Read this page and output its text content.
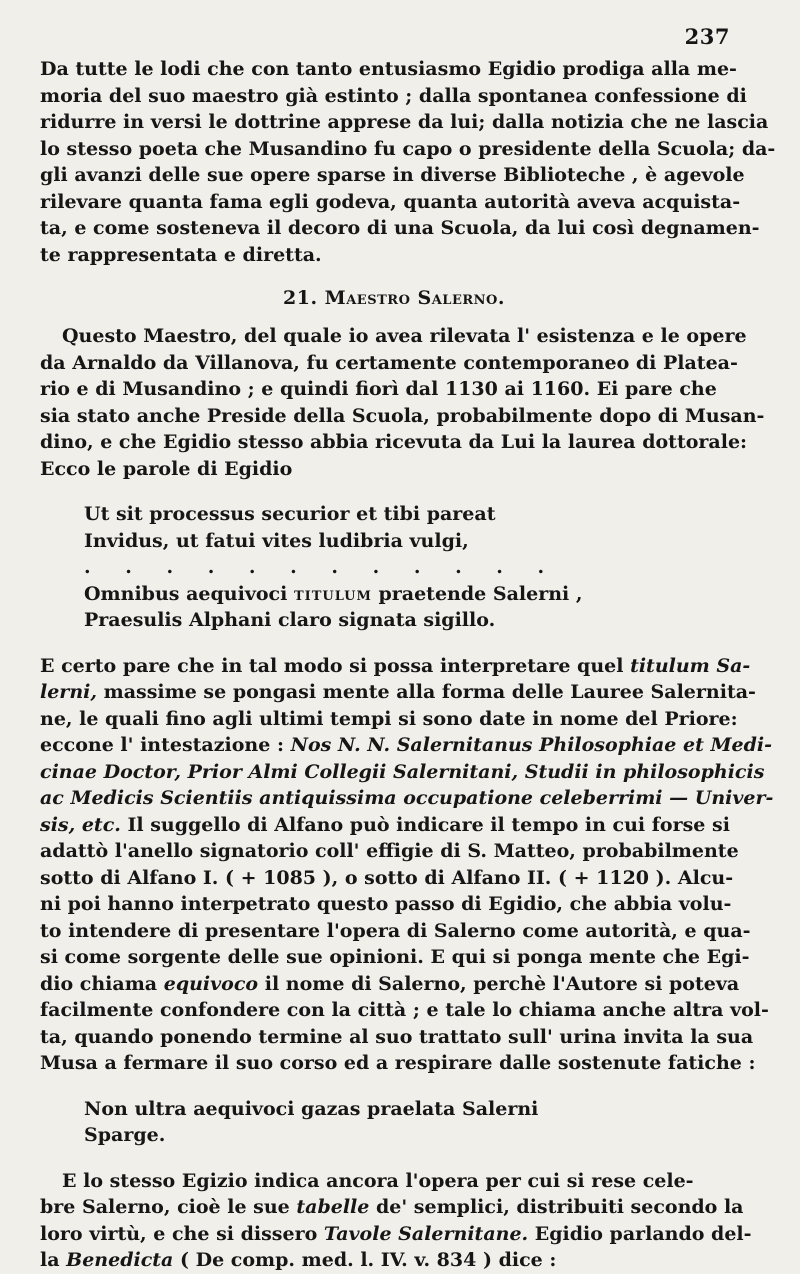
237
Da tutte le lodi che con tanto entusiasmo Egidio prodiga alla me-
moria del suo maestro già estinto ; dalla spontanea confessione di
ridurre in versi le dottrine apprese da lui; dalla notizia che ne lascia
lo stesso poeta che Musandino fu capo o presidente della Scuola; da-
gli avanzi delle sue opere sparse in diverse Biblioteche , è agevole
rilevare quanta fama egli godeva, quanta autorità aveva acquista-
ta, e come sosteneva il decoro di una Scuola, da lui così degnamen-
te rappresentata e diretta.
21. Maestro Salerno.
Questo Maestro, del quale io avea rilevata l' esistenza e le opere
da Arnaldo da Villanova, fu certamente contemporaneo di Platea-
rio e di Musandino ; e quindi fiorì dal 1130 ai 1160. Ei pare che
sia stato anche Preside della Scuola, probabilmente dopo di Musan-
dino, e che Egidio stesso abbia ricevuta da Lui la laurea dottorale:
Ecco le parole di Egidio
Ut sit processus securior et tibi pareat
Invidus, ut fatui vites ludibria vulgi,
. . . . . . . . . . . .
Omnibus aequivoci titulum praetende Salerni ,
Praesulis Alphani claro signata sigillo.
E certo pare che in tal modo si possa interpretare quel titulum Sa-
lerni, massime se pongasi mente alla forma delle Lauree Salernita-
ne, le quali fino agli ultimi tempi si sono date in nome del Priore:
eccone l' intestazione : Nos N. N. Salernitanus Philosophiae et Medi-
cinae Doctor, Prior Almi Collegii Salernitani, Studii in philosophicis
ac Medicis Scientiis antiquissima occupatione celeberrimi — Univer-
sis, etc. Il suggello di Alfano può indicare il tempo in cui forse si
adattò l'anello signatorio coll' effigie di S. Matteo, probabilmente
sotto di Alfano I. ( + 1085 ), o sotto di Alfano II. ( + 1120 ). Alcu-
ni poi hanno interpetrato questo passo di Egidio, che abbia volu-
to intendere di presentare l'opera di Salerno come autorità, e qua-
si come sorgente delle sue opinioni. E qui si ponga mente che Egi-
dio chiama equivoco il nome di Salerno, perchè l'Autore si poteva
facilmente confondere con la città ; e tale lo chiama anche altra vol-
ta, quando ponendo termine al suo trattato sull' urina invita la sua
Musa a fermare il suo corso ed a respirare dalle sostenute fatiche :
Non ultra aequivoci gazas praelata Salerni
Sparge.
E lo stesso Egizio indica ancora l'opera per cui si rese cele-
bre Salerno, cioè le sue tabelle de' semplici, distribuiti secondo la
loro virtù, e che si dissero Tavole Salernitane. Egidio parlando del-
la Benedicta ( De comp. med. l. IV. v. 834 ) dice :
